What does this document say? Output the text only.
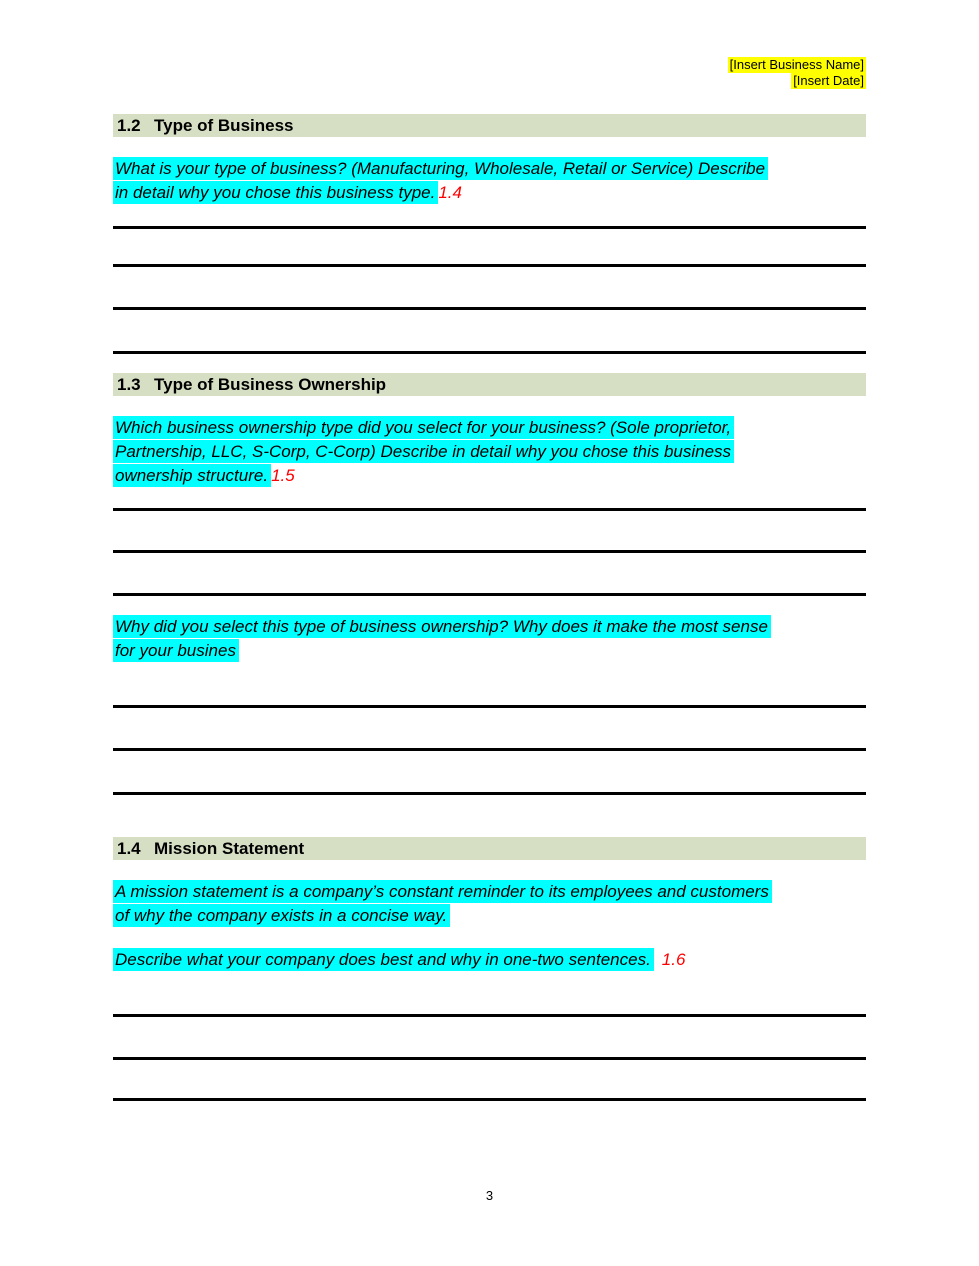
[Insert Business Name]
[Insert Date]
1.2 Type of Business
What is your type of business? (Manufacturing, Wholesale, Retail or Service) Describe
in detail why you chose this business type. 1.4
1.3 Type of Business Ownership
Which business ownership type did you select for your business? (Sole proprietor,
Partnership, LLC, S-Corp, C-Corp) Describe in detail why you chose this business
ownership structure. 1.5
Why did you select this type of business ownership? Why does it make the most sense
for your busines
1.4 Mission Statement
A mission statement is a company’s constant reminder to its employees and customers
of why the company exists in a concise way.
Describe what your company does best and why in one-two sentences. 1.6
3
